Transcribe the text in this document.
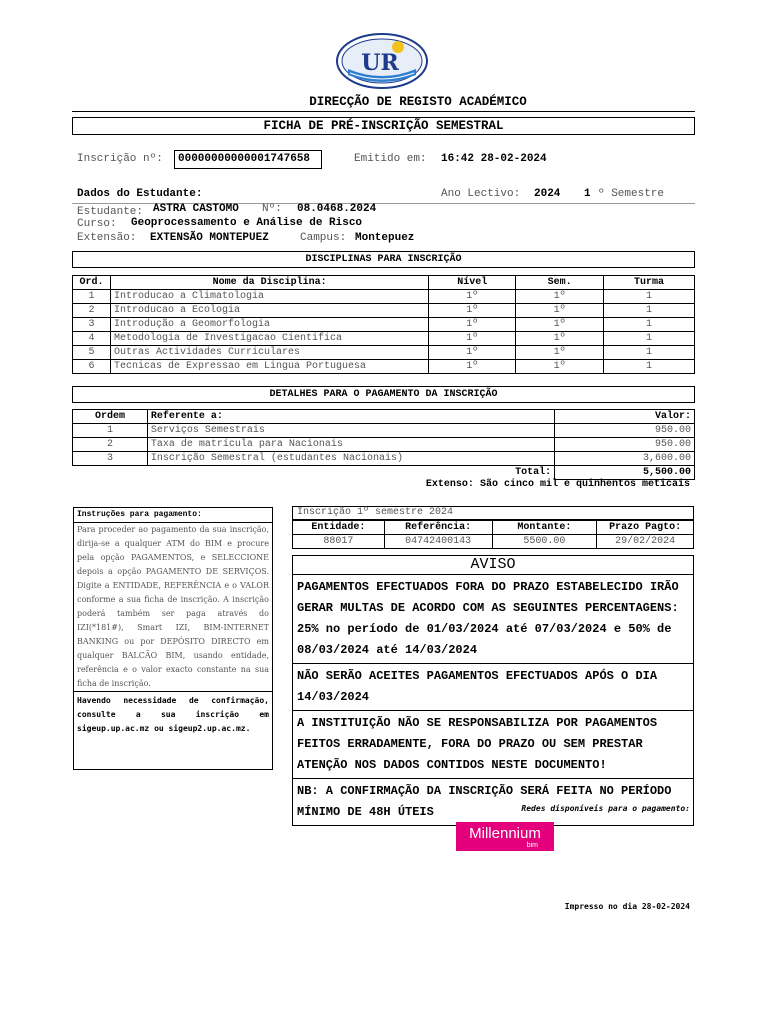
UR
DIRECÇÃO DE REGISTO ACADÉMICO
FICHA DE PRÉ-INSCRIÇÃO SEMESTRAL
Inscrição nº:	00000000000001747658	Emitido em: 16:42 28-02-2024
Dados do Estudante:	Ano Lectivo: 2024 1 º Semestre
Estudante: ASTRA CASTOMO Nº: 08.0468.2024
Curso: Geoprocessamento e Análise de Risco
Extensão: EXTENSÃO MONTEPUEZ	Campus: Montepuez
DISCIPLINAS PARA INSCRIÇÃO
Ord.	Nome da Disciplina:	Nível	Sem.	Turma
1	Introducao a Climatologia	1º	1º	1
2	Introducao a Ecologia	1º	1º	1
3	Introdução a Geomorfologia	1º	1º	1
4	Metodologia de Investigacao Cientifica	1º	1º	1
5	Outras Actividades Curriculares	1º	1º	1
6	Tecnicas de Expressao em Lingua Portuguesa	1º	1º	1
DETALHES PARA O PAGAMENTO DA INSCRIÇÃO
Ordem	Referente a:	Valor:
1	Serviços Semestrais	950.00
2	Taxa de matrícula para Nacionais	950.00
3	Inscrição Semestral (estudantes Nacionais)	3,600.00
	Total:	5,500.00
Extenso: São cinco mil e quinhentos meticais
Instruções para pagamento:
Para proceder ao pagamento da sua inscrição, dirija-se a qualquer ATM do BIM e procure pela opção PAGAMENTOS, e SELECCIONE depois a opção PAGAMENTO DE SERVIÇOS. Digite a ENTIDADE, REFERÊNCIA e o VALOR conforme a sua ficha de inscrição. A inscrição poderá também ser paga através do IZI(*181#), Smart IZI, BIM-INTERNET BANKING ou por DEPÓSITO DIRECTO em qualquer BALCÃO BIM, usando entidade, referência e o valor exacto constante na sua ficha de inscrição.
Havendo necessidade de confirmação, consulte a sua inscrição em sigeup.up.ac.mz ou sigeup2.up.ac.mz.
Inscrição 1º semestre 2024
Entidade:	Referência:	Montante:	Prazo Pagto:
88017	04742400143	5500.00	29/02/2024
AVISO
PAGAMENTOS EFECTUADOS FORA DO PRAZO ESTABELECIDO IRÃO GERAR MULTAS DE ACORDO COM AS SEGUINTES PERCENTAGENS: 25% no período de 01/03/2024 até 07/03/2024 e 50% de 08/03/2024 até 14/03/2024
NÃO SERÃO ACEITES PAGAMENTOS EFECTUADOS APÓS O DIA 14/03/2024
A INSTITUIÇÃO NÃO SE RESPONSABILIZA POR PAGAMENTOS FEITOS ERRADAMENTE, FORA DO PRAZO OU SEM PRESTAR ATENÇÃO NOS DADOS CONTIDOS NESTE DOCUMENTO!
NB: A CONFIRMAÇÃO DA INSCRIÇÃO SERÁ FEITA NO PERÍODO MÍNIMO DE 48H ÚTEIS	Redes disponíveis para o pagamento:
Millennium
bim
Impresso no dia 28-02-2024
